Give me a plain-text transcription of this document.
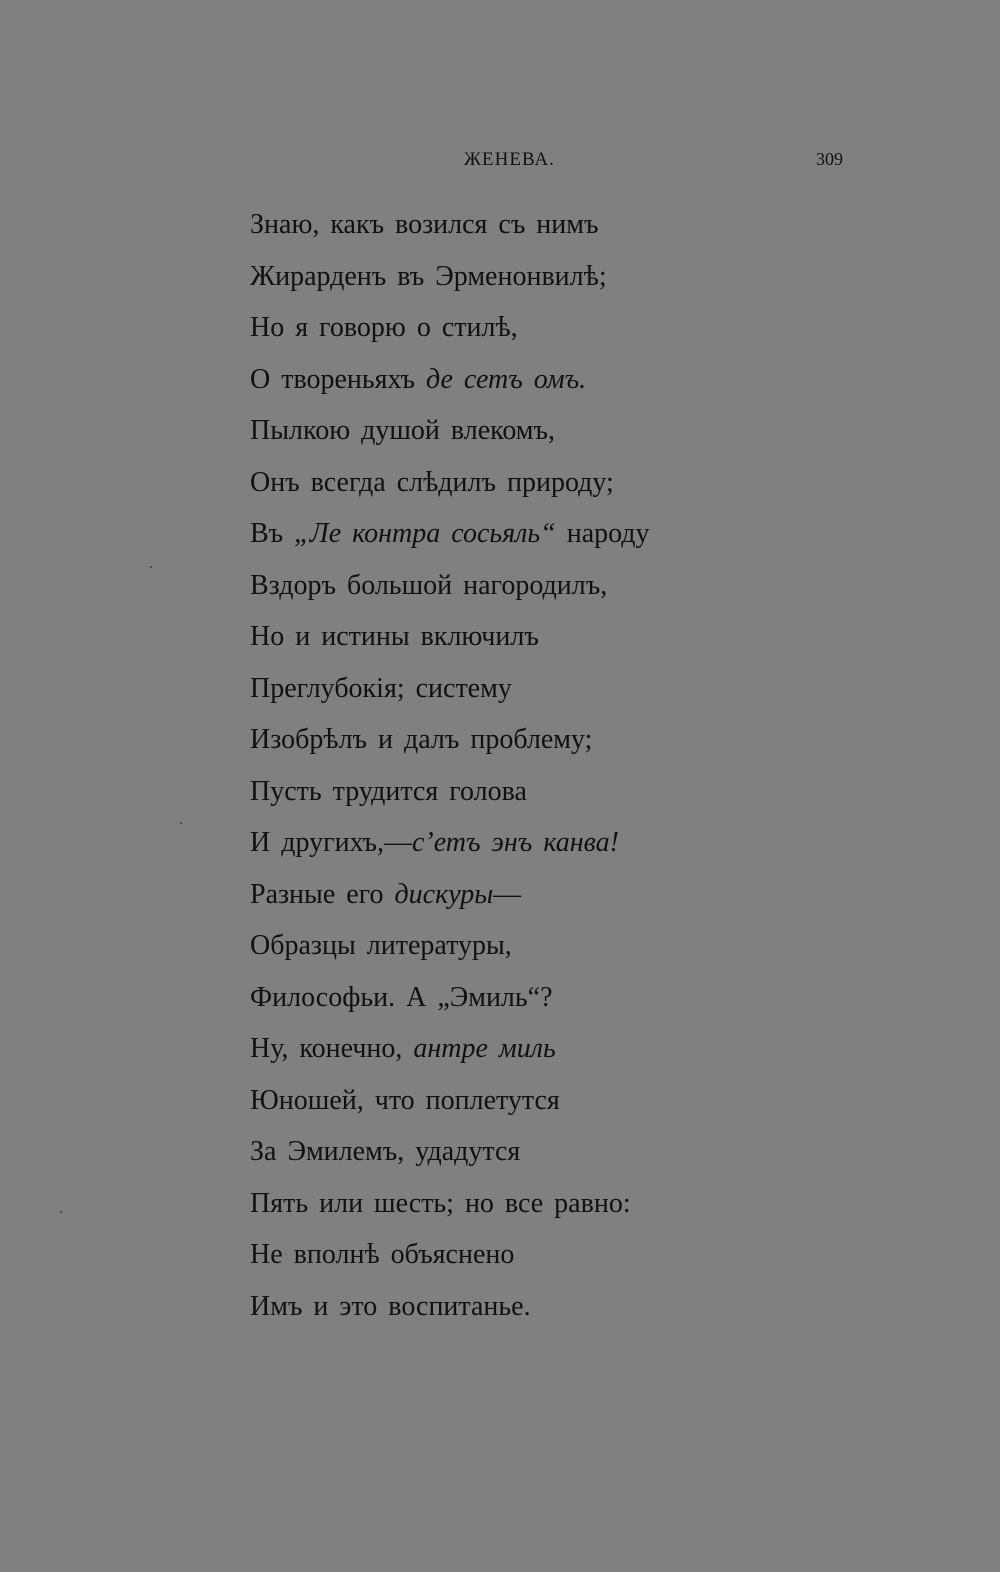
ЖЕНЕВА.	309
Знаю, какъ возился съ нимъ
Жирарденъ въ Эрменонвилѣ;
Но я говорю о стилѣ,
О твореньяхъ де сетъ омъ.
Пылкою душой влекомъ,
Онъ всегда слѣдилъ природу;
Въ „Ле контра сосьяль“ народу
Вздоръ большой нагородилъ,
Но и истины включилъ
Преглубокія; систему
Изобрѣлъ и далъ проблему;
Пусть трудится голова
И другихъ,—с’етъ энъ канва!
Разные его дискуры—
Образцы литературы,
Философьи. А „Эмиль“?
Ну, конечно, антре миль
Юношей, что поплетутся
За Эмилемъ, удадутся
Пять или шесть; но все равно:
Не вполнѣ объяснено
Имъ и это воспитанье.
